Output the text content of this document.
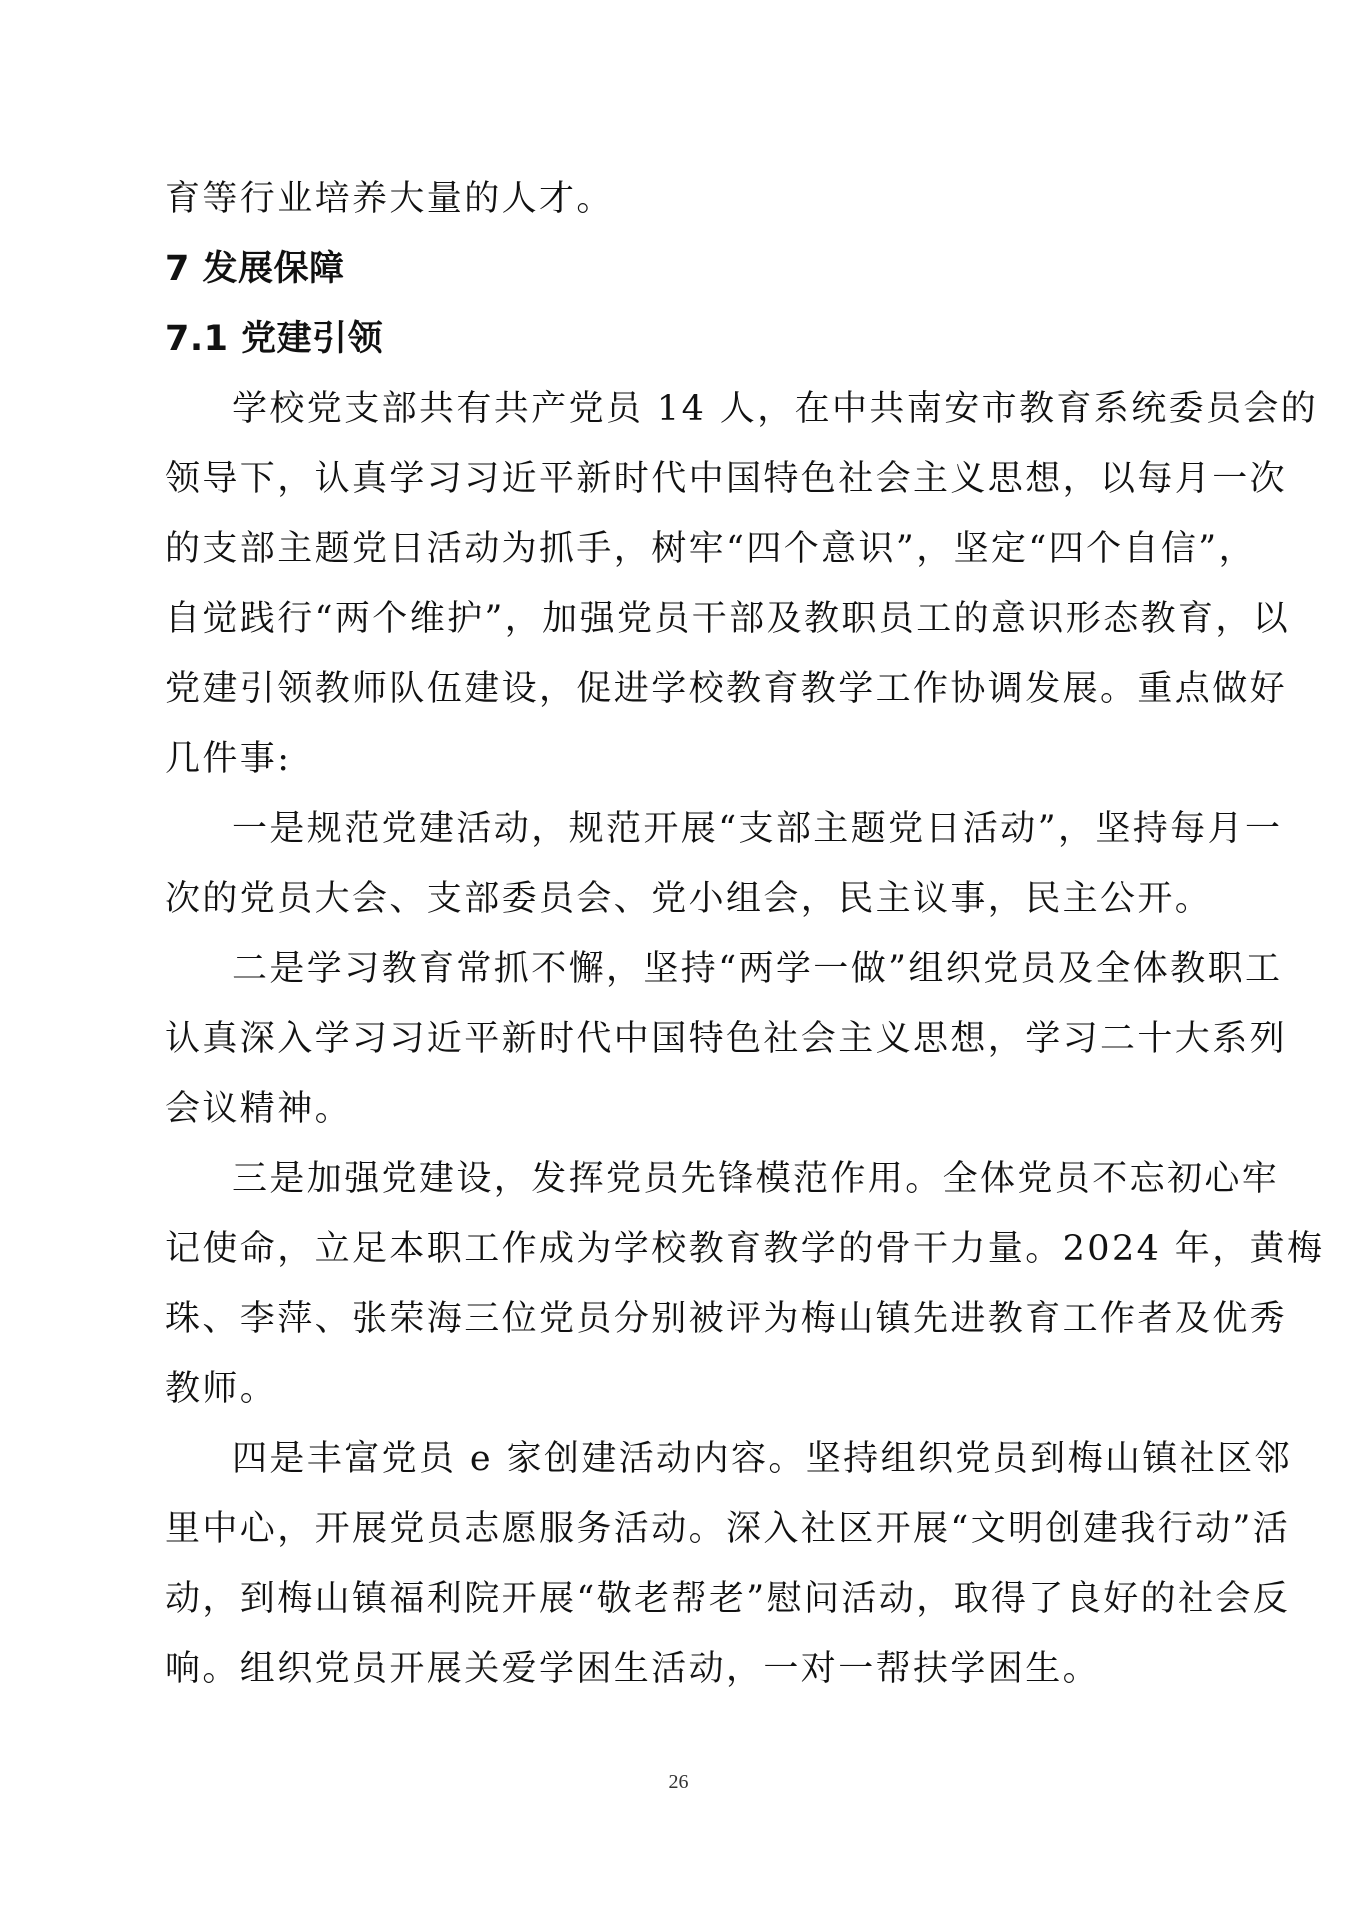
育等行业培养大量的人才。
7 发展保障
7.1 党建引领
学校党支部共有共产党员 14 人，在中共南安市教育系统委员会的
领导下，认真学习习近平新时代中国特色社会主义思想，以每月一次
的支部主题党日活动为抓手，树牢“四个意识”，坚定“四个自信”，
自觉践行“两个维护”，加强党员干部及教职员工的意识形态教育，以
党建引领教师队伍建设，促进学校教育教学工作协调发展。重点做好
几件事:
一是规范党建活动，规范开展“支部主题党日活动”，坚持每月一
次的党员大会、支部委员会、党小组会，民主议事，民主公开。
二是学习教育常抓不懈，坚持“两学一做”组织党员及全体教职工
认真深入学习习近平新时代中国特色社会主义思想，学习二十大系列
会议精神。
三是加强党建设，发挥党员先锋模范作用。全体党员不忘初心牢
记使命，立足本职工作成为学校教育教学的骨干力量。2024 年，黄梅
珠、李萍、张荣海三位党员分别被评为梅山镇先进教育工作者及优秀
教师。
四是丰富党员 e 家创建活动内容。坚持组织党员到梅山镇社区邻
里中心，开展党员志愿服务活动。深入社区开展“文明创建我行动”活
动，到梅山镇福利院开展“敬老帮老”慰问活动，取得了良好的社会反
响。组织党员开展关爱学困生活动，一对一帮扶学困生。
26
